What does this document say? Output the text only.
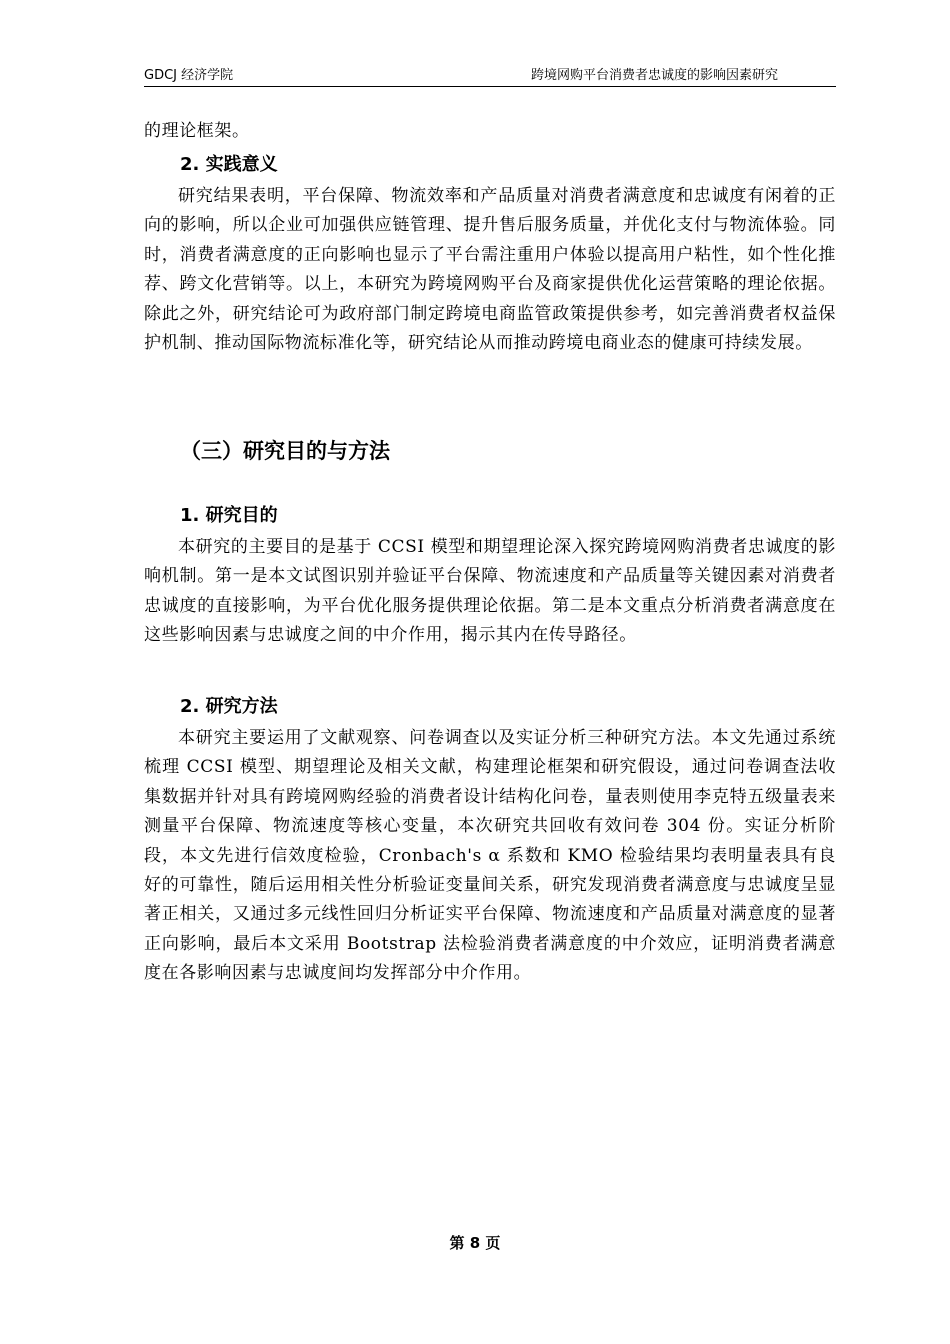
GDCJ 经济学院	跨境网购平台消费者忠诚度的影响因素研究

的理论框架。

2. 实践意义

研究结果表明，平台保障、物流效率和产品质量对消费者满意度和忠诚度有闲着的正向的影响，所以企业可加强供应链管理、提升售后服务质量，并优化支付与物流体验。同时，消费者满意度的正向影响也显示了平台需注重用户体验以提高用户粘性，如个性化推荐、跨文化营销等。以上，本研究为跨境网购平台及商家提供优化运营策略的理论依据。除此之外，研究结论可为政府部门制定跨境电商监管政策提供参考，如完善消费者权益保护机制、推动国际物流标准化等，研究结论从而推动跨境电商业态的健康可持续发展。

（三）研究目的与方法
1. 研究目的

本研究的主要目的是基于 CCSI 模型和期望理论深入探究跨境网购消费者忠诚度的影响机制。第一是本文试图识别并验证平台保障、物流速度和产品质量等关键因素对消费者忠诚度的直接影响，为平台优化服务提供理论依据。第二是本文重点分析消费者满意度在这些影响因素与忠诚度之间的中介作用，揭示其内在传导路径。

2. 研究方法

本研究主要运用了文献观察、问卷调查以及实证分析三种研究方法。本文先通过系统梳理 CCSI 模型、期望理论及相关文献，构建理论框架和研究假设，通过问卷调查法收集数据并针对具有跨境网购经验的消费者设计结构化问卷，量表则使用李克特五级量表来测量平台保障、物流速度等核心变量，本次研究共回收有效问卷 304 份。实证分析阶段，本文先进行信效度检验，Cronbach's α 系数和 KMO 检验结果均表明量表具有良好的可靠性，随后运用相关性分析验证变量间关系，研究发现消费者满意度与忠诚度呈显著正相关，又通过多元线性回归分析证实平台保障、物流速度和产品质量对满意度的显著正向影响，最后本文采用 Bootstrap 法检验消费者满意度的中介效应，证明消费者满意度在各影响因素与忠诚度间均发挥部分中介作用。

第 8 页
